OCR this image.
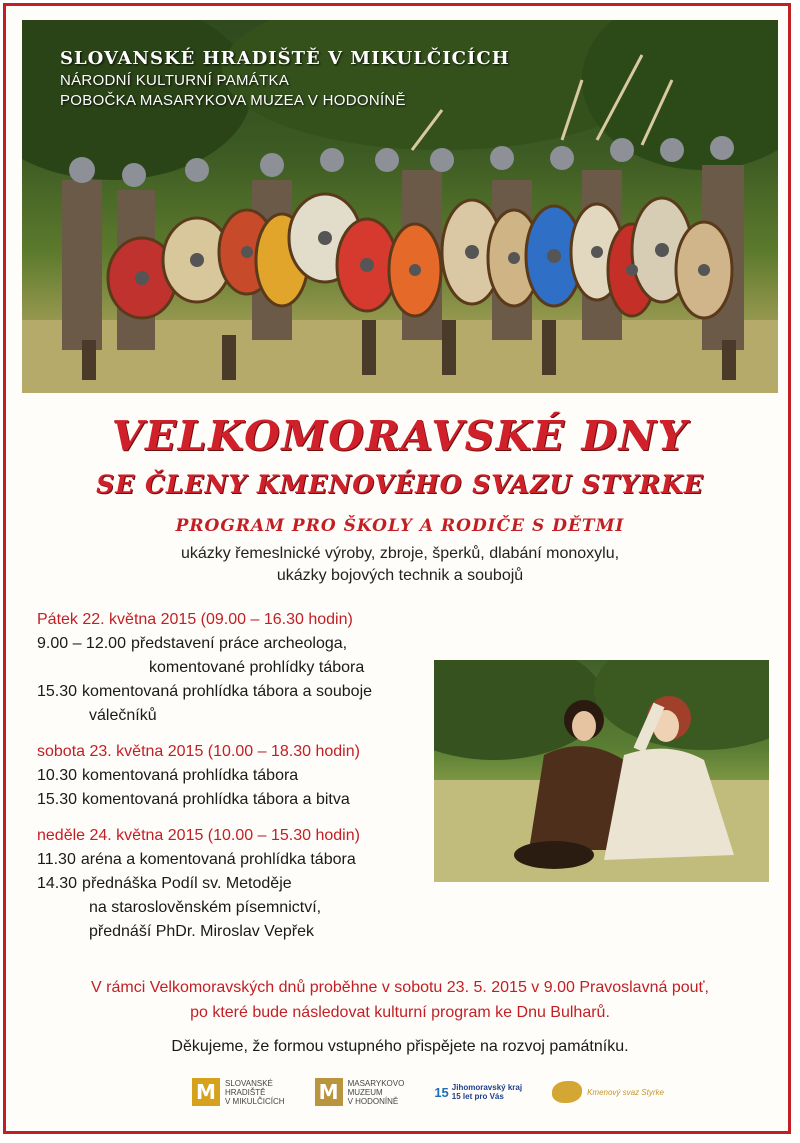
SLOVANSKÉ HRADIŠTĚ V MIKULČICÍCH
NÁRODNÍ KULTURNÍ PAMÁTKA
POBOČKA MASARYKOVA MUZEA V HODONÍNĚ
VELKOMORAVSKÉ DNY
SE ČLENY KMENOVÉHO SVAZU STYRKE
PROGRAM PRO ŠKOLY A RODIČE S DĚTMI
ukázky řemeslnické výroby, zbroje, šperků, dlabání monoxylu,
ukázky bojových technik a soubojů
Pátek 22. května 2015 (09.00 – 16.30 hodin)
9.00 – 12.00 představení práce archeologa,
komentované prohlídky tábora
15.30 komentovaná prohlídka tábora a souboje
válečníků
sobota 23. května 2015 (10.00 – 18.30 hodin)
10.30 komentovaná prohlídka tábora
15.30 komentovaná prohlídka tábora a bitva
neděle 24. května 2015 (10.00 – 15.30 hodin)
11.30 aréna a komentovaná prohlídka tábora
14.30 přednáška Podíl sv. Metoděje
na staroslověnském písemnictví,
přednáší PhDr. Miroslav Vepřek
V rámci Velkomoravských dnů proběhne v sobotu 23. 5. 2015 v 9.00 Pravoslavná pouť,
po které bude následovat kulturní program ke Dnu Bulharů.
Děkujeme, že formou vstupného přispějete na rozvoj památníku.
M	SLOVANSKÉ
HRADIŠTĚ
V MIKULČICÍCH M	MASARYKOVO
MUZEUM
V HODONÍNĚ
15 Jihomoravský kraj
15 let pro Vás	Kmenový svaz Styrke
